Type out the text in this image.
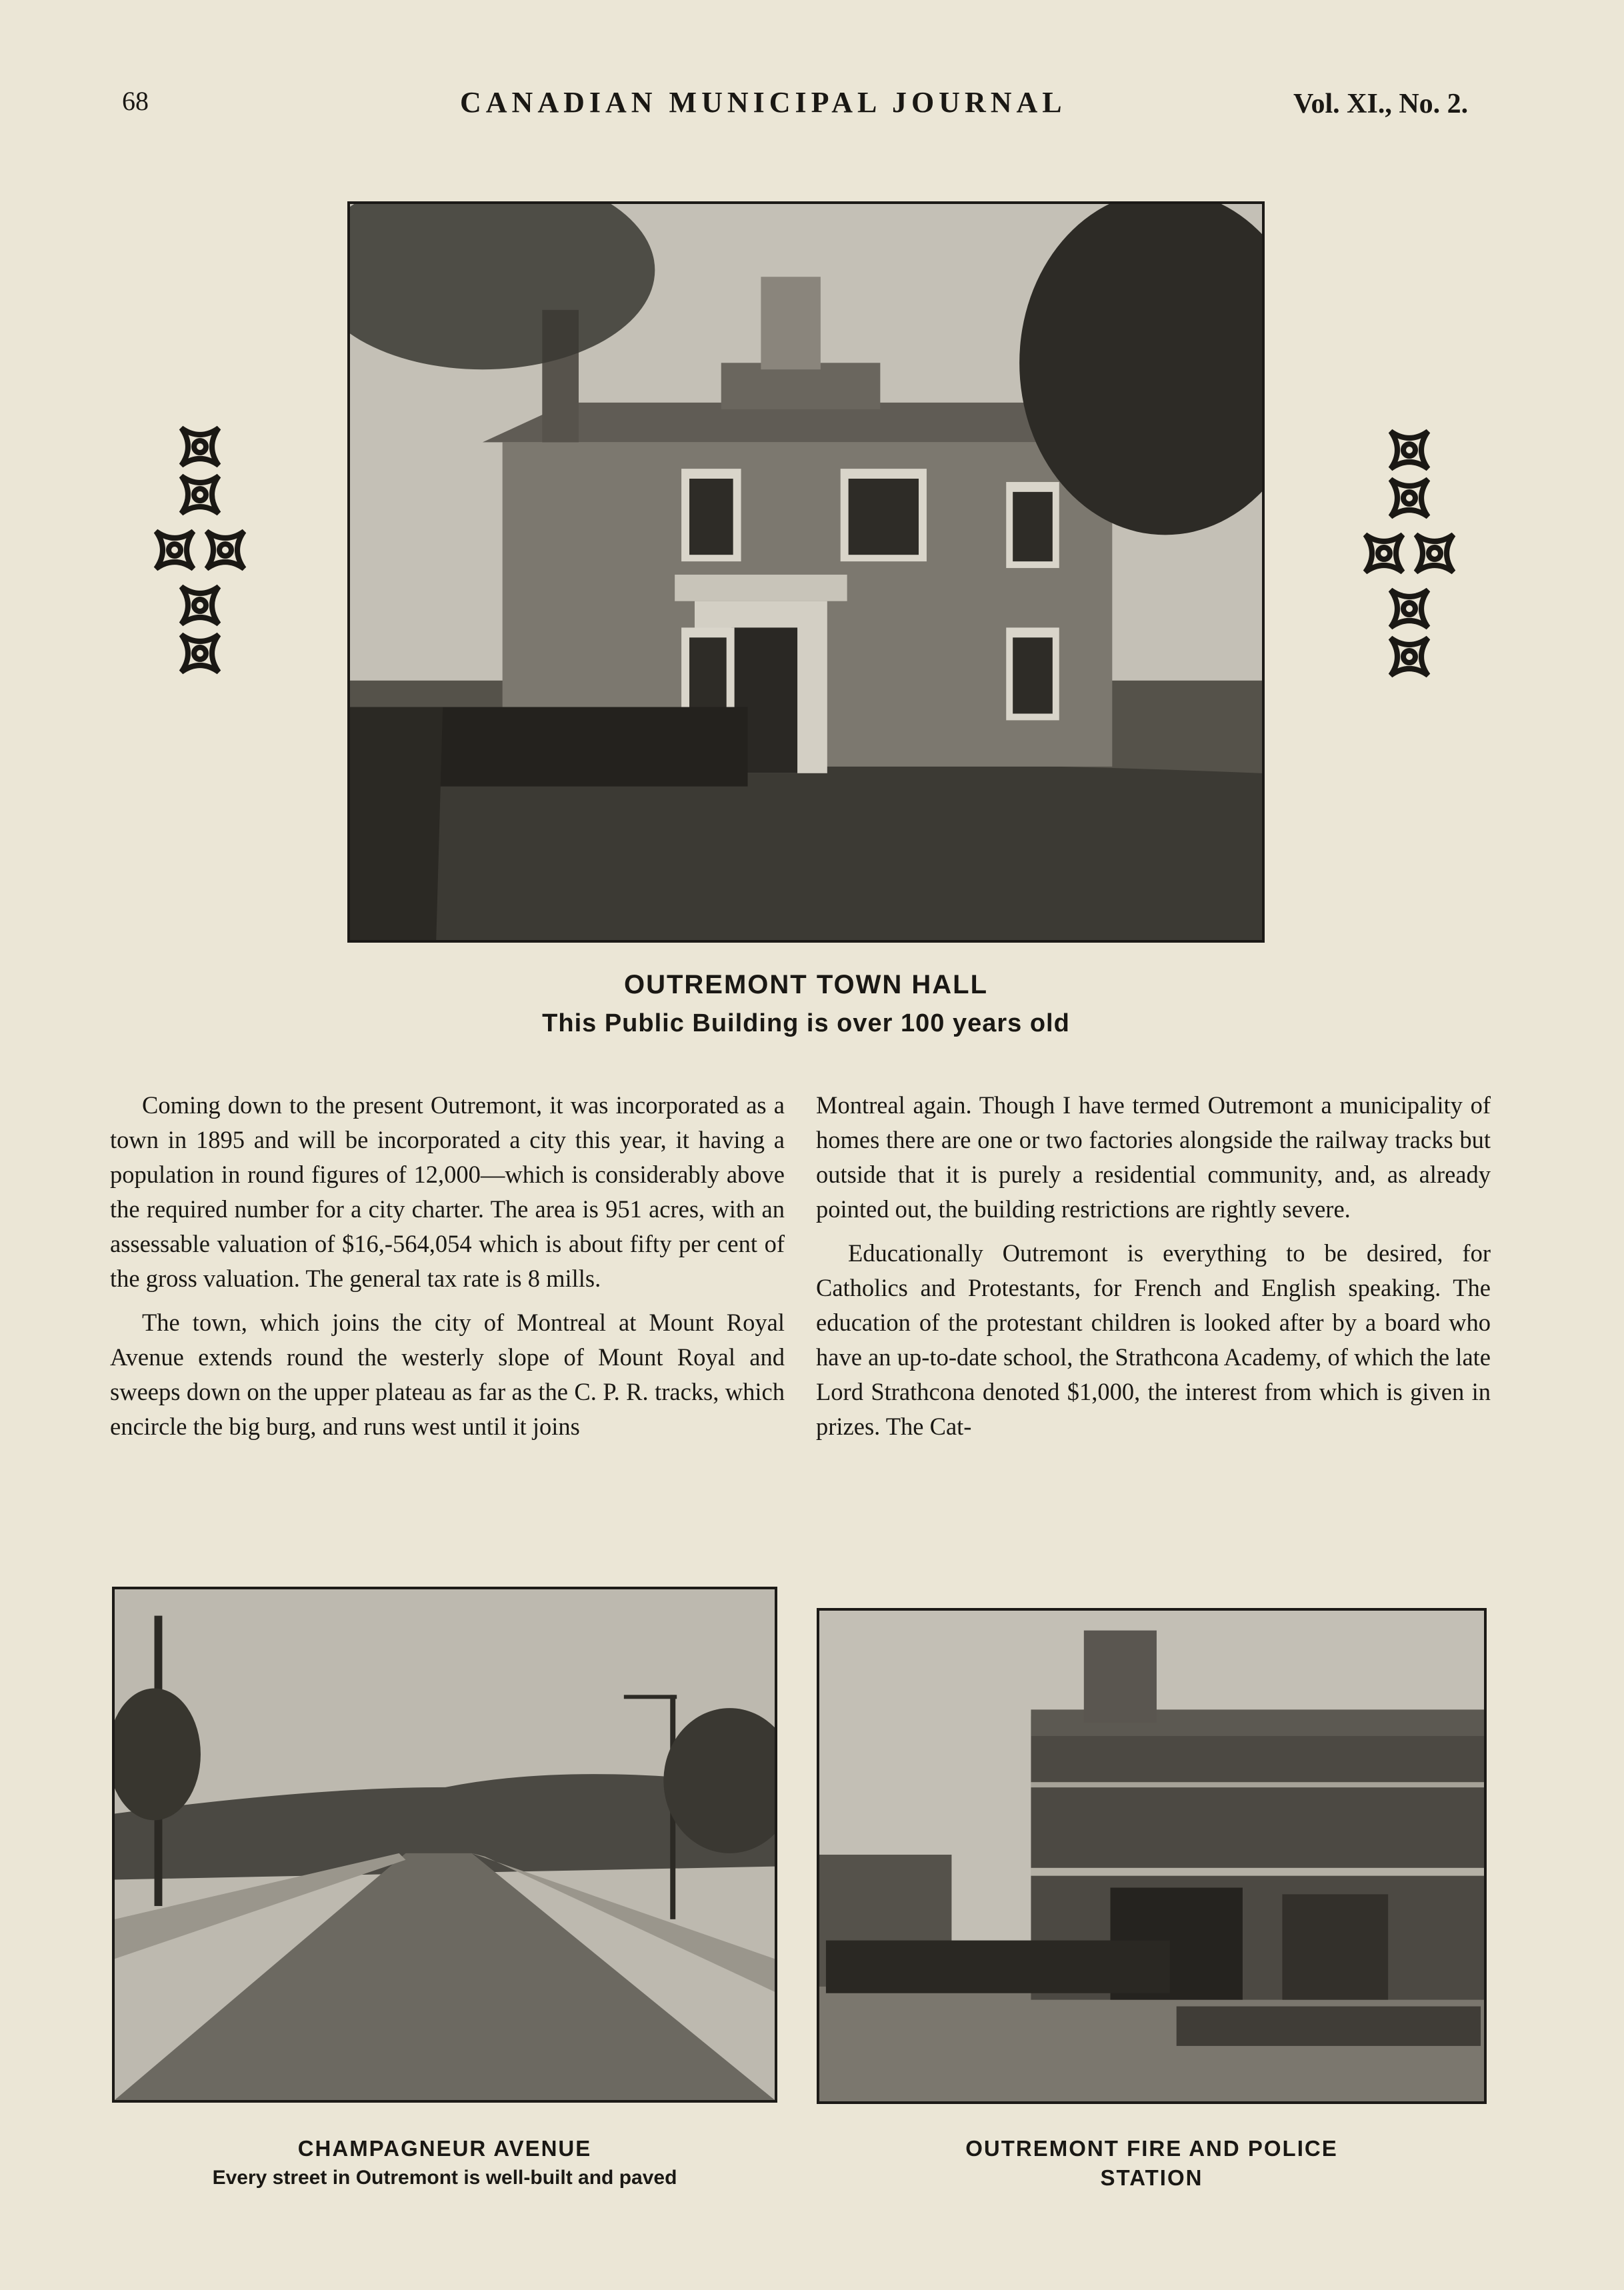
68	CANADIAN MUNICIPAL JOURNAL	Vol. XI., No. 2.
OUTREMONT TOWN HALL
This Public Building is over 100 years old

Coming down to the present Outremont, it was incorporated as a town in 1895 and will be incorporated a city this year, it having a population in round figures of 12,000—which is considerably above the required number for a city charter. The area is 951 acres, with an assessable valuation of $16,-564,054 which is about fifty per cent of the gross valuation. The general tax rate is 8 mills.

The town, which joins the city of Montreal at Mount Royal Avenue extends round the westerly slope of Mount Royal and sweeps down on the upper plateau as far as the C. P. R. tracks, which encircle the big burg, and runs west until it joins

Montreal again. Though I have termed Outremont a municipality of homes there are one or two factories alongside the railway tracks but outside that it is purely a residential community, and, as already pointed out, the building restrictions are rightly severe.

Educationally Outremont is everything to be desired, for Catholics and Protestants, for French and English speaking. The education of the protestant children is looked after by a board who have an up-to-date school, the Strathcona Academy, of which the late Lord Strathcona denoted $1,000, the interest from which is given in prizes. The Cat-

CHAMPAGNEUR AVENUE
Every street in Outremont is well-built and paved
OUTREMONT FIRE AND POLICE
STATION
